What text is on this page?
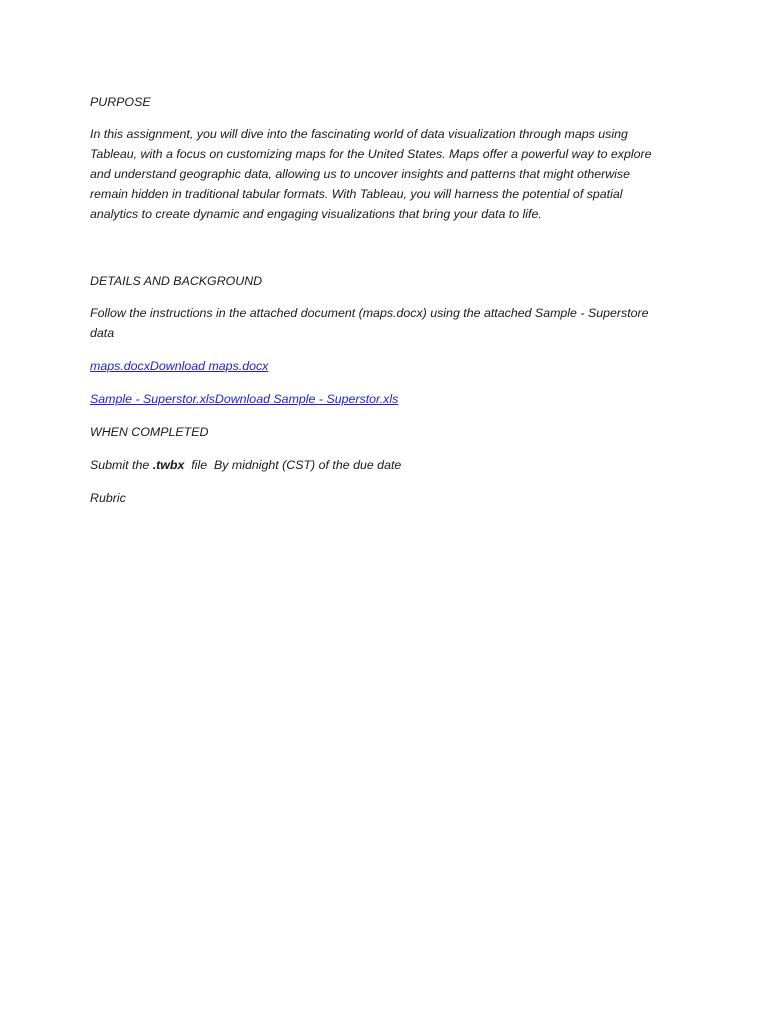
PURPOSE

In this assignment, you will dive into the fascinating world of data visualization through maps using
Tableau, with a focus on customizing maps for the United States. Maps offer a powerful way to explore
and understand geographic data, allowing us to uncover insights and patterns that might otherwise
remain hidden in traditional tabular formats. With Tableau, you will harness the potential of spatial
analytics to create dynamic and engaging visualizations that bring your data to life.

DETAILS AND BACKGROUND

Follow the instructions in the attached document (maps.docx) using the attached Sample - Superstore
data

maps.docxDownload maps.docx

Sample - Superstor.xlsDownload Sample - Superstor.xls

WHEN COMPLETED

Submit the .twbx  file  By midnight (CST) of the due date

Rubric
